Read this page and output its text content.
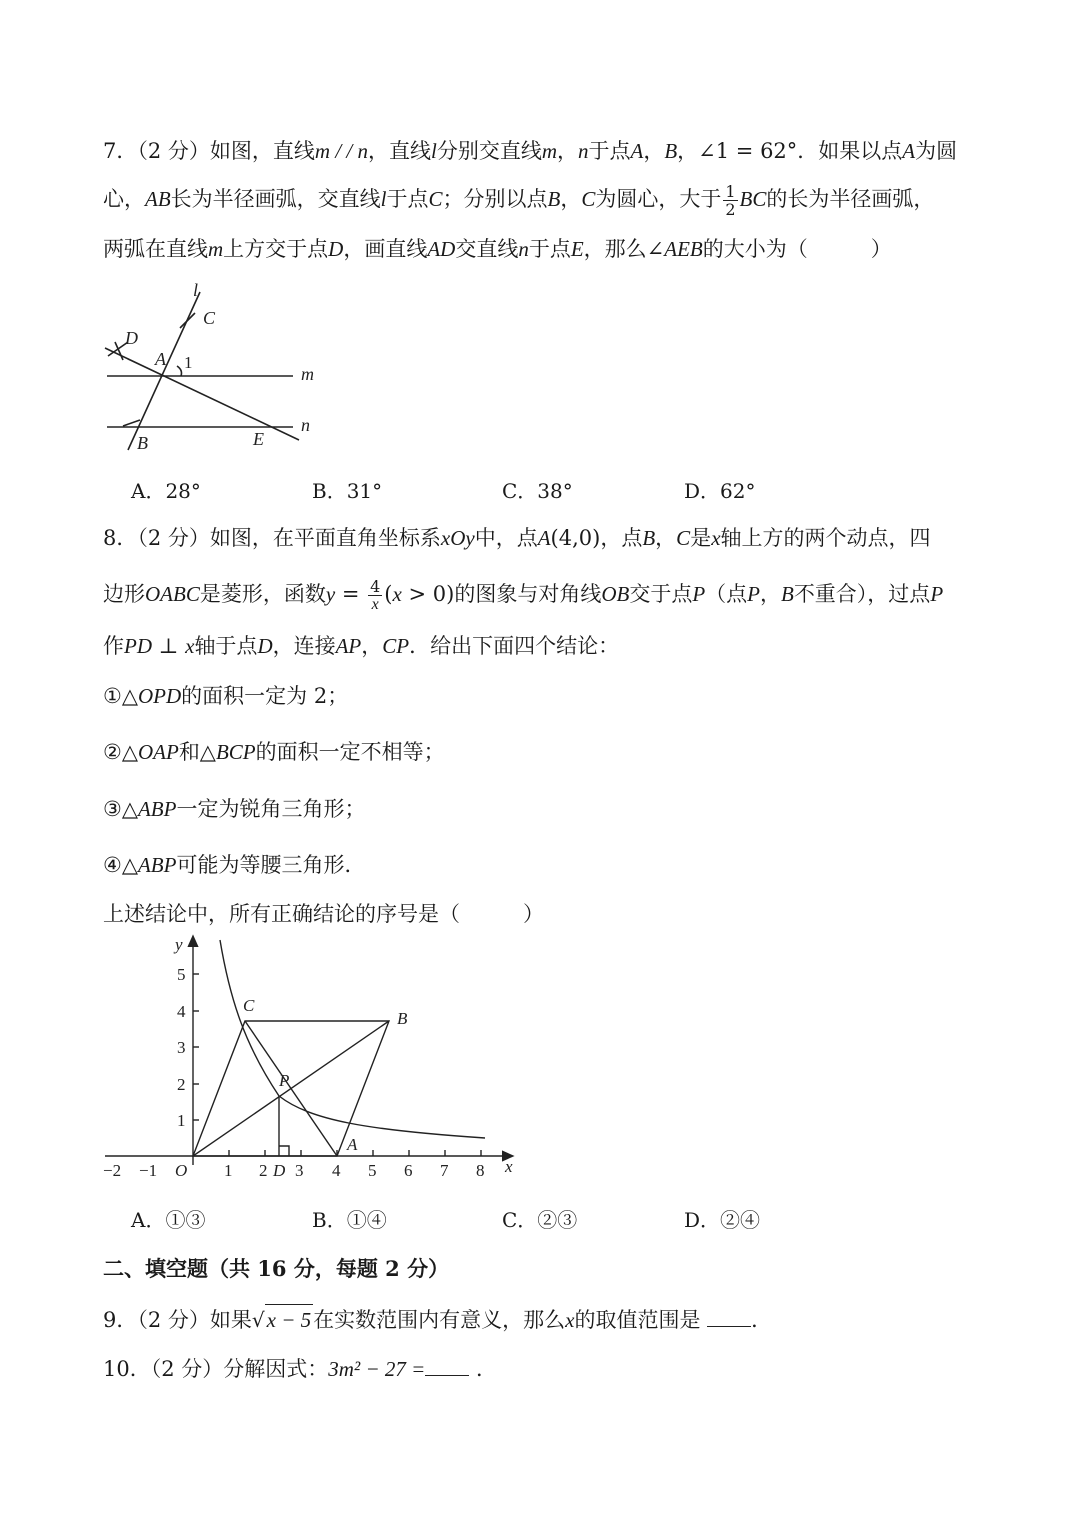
7．（2 分）如图，直线m / / n，直线l分别交直线m，n于点A，B，∠1 = 62°．如果以点A为圆
心，AB长为半径画弧，交直线l于点C；分别以点B，C为圆心，大于 $\frac{1}{2}$ BC的长为半径画弧，
两弧在直线m上方交于点D，画直线AD交直线n于点E，那么∠AEB的大小为（　　　）
l
C
D
A
m
n
B	E
1
A．28°	B．31°	C．38°	D．62°
8．（2 分）如图，在平面直角坐标系xOy中，点A(4,0)，点B，C是x轴上方的两个动点，四
边形OABC是菱形，函数$y = \frac{4}{x} (x > 0)$的图象与对角线OB交于点P（点P，B不重合），过点P
作PD ⊥ x轴于点D，连接AP，CP．给出下面四个结论：
①△OPD的面积一定为 2；
②△OAP和△BCP的面积一定不相等；
③△ABP一定为锐角三角形；
④△ABP可能为等腰三角形．
上述结论中，所有正确结论的序号是（　　　）
y
x
5
4
3
2
1
−2 −1 O 1 2 D 3 4 5 6 7 8
C
B
P
A
A．①③	B．①④	C．②③	D．②④
二、填空题（共 16 分，每题 2 分）
9．（2 分）如果√x − 5在实数范围内有意义，那么x的取值范围是 ．
10．（2 分）分解因式：3m² − 27 = ．
